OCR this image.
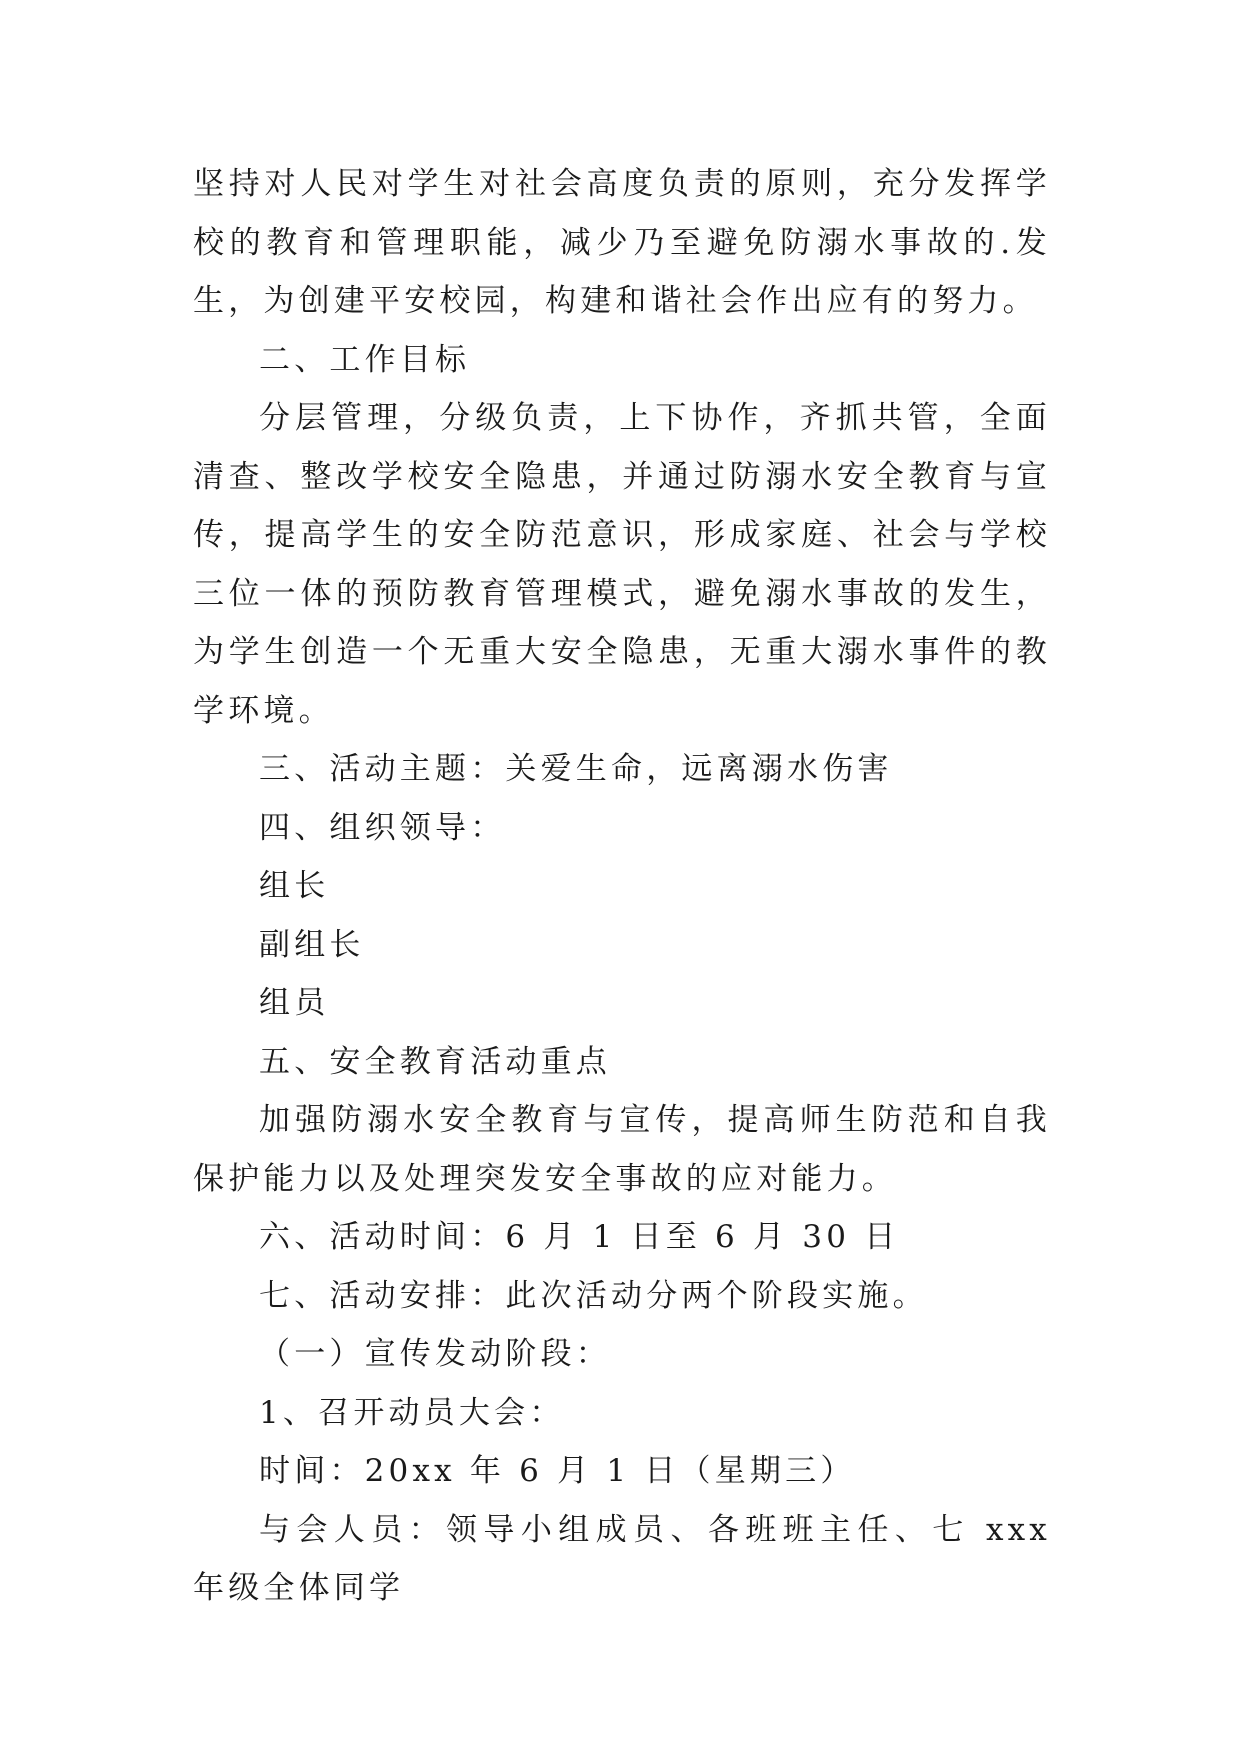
坚持对人民对学生对社会高度负责的原则，充分发挥学校的教育和管理职能，减少乃至避免防溺水事故的.发生，为创建平安校园，构建和谐社会作出应有的努力。

二、工作目标

分层管理，分级负责，上下协作，齐抓共管，全面清查、整改学校安全隐患，并通过防溺水安全教育与宣传，提高学生的安全防范意识，形成家庭、社会与学校三位一体的预防教育管理模式，避免溺水事故的发生，为学生创造一个无重大安全隐患，无重大溺水事件的教学环境。

三、活动主题：关爱生命，远离溺水伤害

四、组织领导：

组长

副组长

组员

五、安全教育活动重点

加强防溺水安全教育与宣传，提高师生防范和自我保护能力以及处理突发安全事故的应对能力。

六、活动时间：6 月 1 日至 6 月 30 日

七、活动安排：此次活动分两个阶段实施。

（一）宣传发动阶段：

1、召开动员大会：

时间：20xx 年 6 月 1 日（星期三）

与会人员：领导小组成员、各班班主任、七 xxx 年级全体同学
